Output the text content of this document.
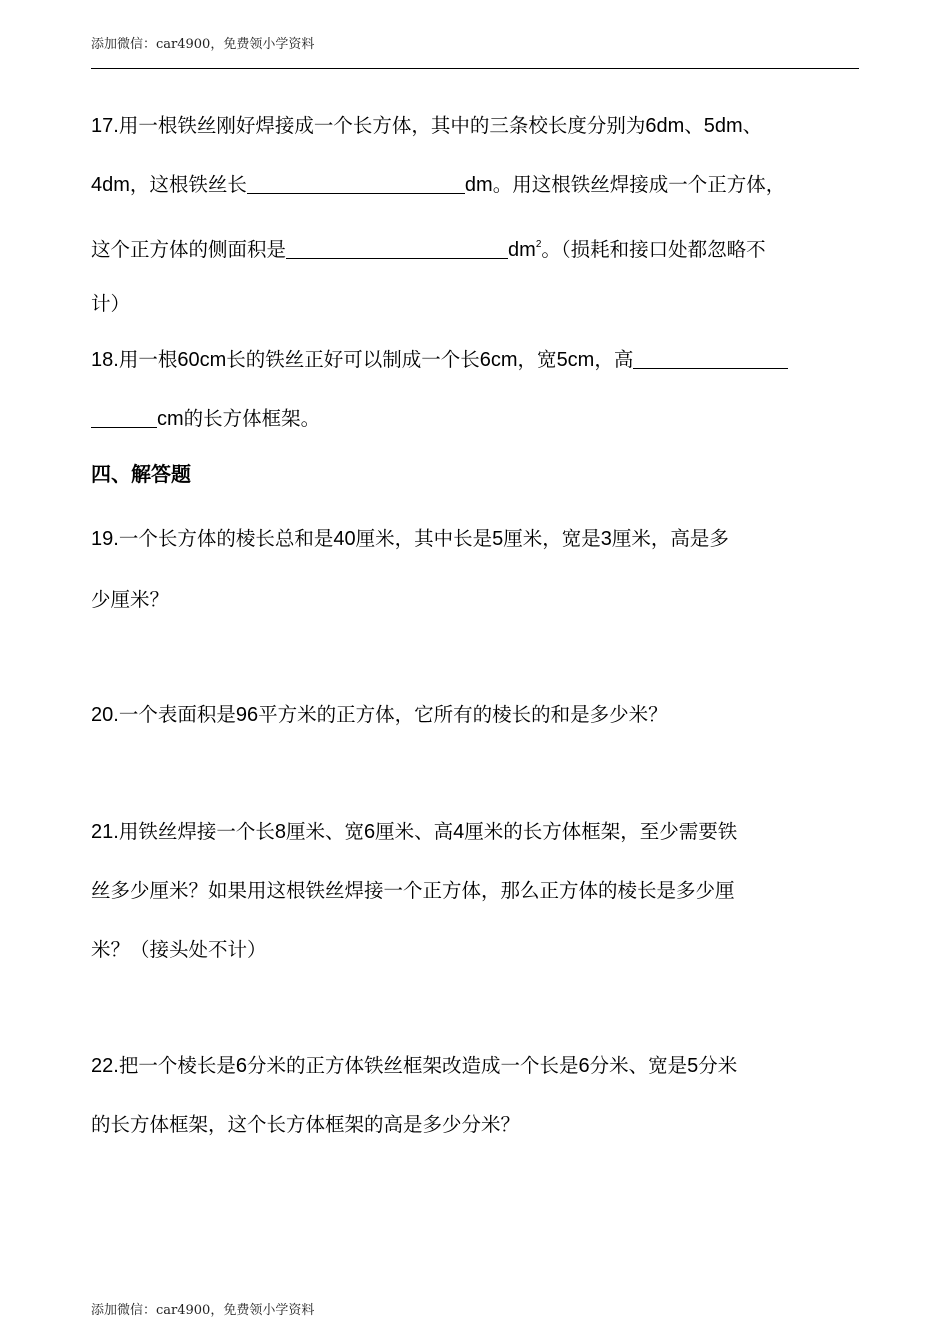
添加微信：car4900，免费领小学资料
17.用一根铁丝刚好焊接成一个长方体，其中的三条校长度分别为6dm、5dm、
4dm，这根铁丝长	dm。用这根铁丝焊接成一个正方体，
这个正方体的侧面积是	$dm^2$。（损耗和接口处都忽略不
计）
18.用一根60cm长的铁丝正好可以制成一个长6cm，宽5cm，高
cm的长方体框架。
四、解答题
19.一个长方体的棱长总和是40厘米，其中长是5厘米，宽是3厘米，高是多
少厘米？
20.一个表面积是96平方米的正方体，它所有的棱长的和是多少米？
21.用铁丝焊接一个长8厘米、宽6厘米、高4厘米的长方体框架，至少需要铁
丝多少厘米？如果用这根铁丝焊接一个正方体，那么正方体的棱长是多少厘
米？（接头处不计）
22.把一个棱长是6分米的正方体铁丝框架改造成一个长是6分米、宽是5分米
的长方体框架，这个长方体框架的高是多少分米？
添加微信：car4900，免费领小学资料
